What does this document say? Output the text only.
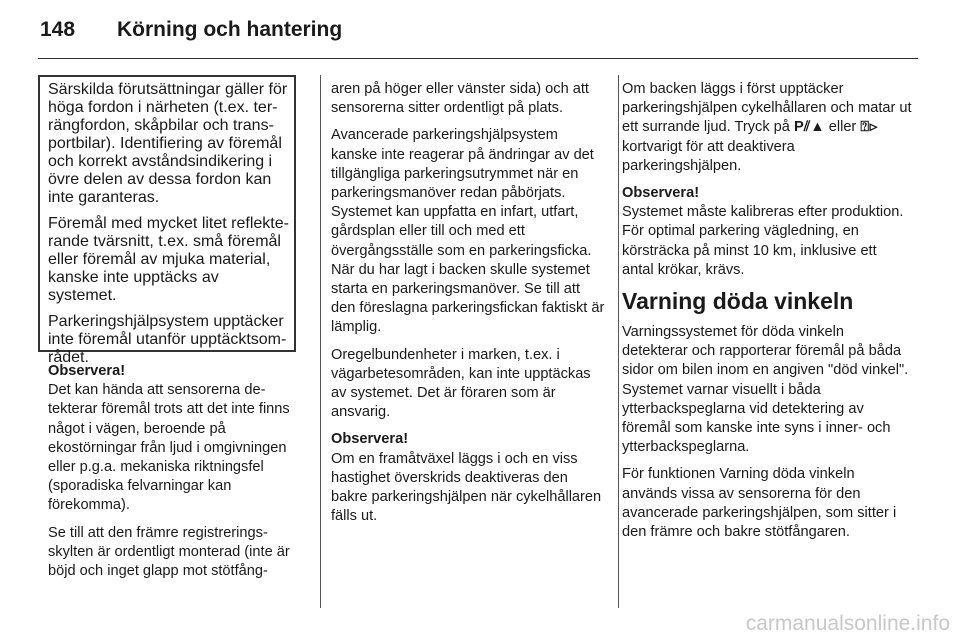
148 Körning och hantering

Särskilda förutsättningar gäller för höga fordon i närheten (t.ex. terrängfordon, skåpbilar och transportbilar). Identifiering av föremål och korrekt avståndsindikering i övre delen av dessa fordon kan inte garanteras.

Föremål med mycket litet reflekterande tvärsnitt, t.ex. små föremål eller föremål av mjuka material, kanske inte upptäcks av systemet.

Parkeringshjälpsystem upptäcker inte föremål utanför upptäcktsområdet.

Observera!

Det kan hända att sensorerna detekterar föremål trots att det inte finns något i vägen, beroende på ekostörningar från ljud i omgivningen eller p.g.a. mekaniska riktningsfel (sporadiska felvarningar kan förekomma).

Se till att den främre registreringsskylten är ordentligt monterad (inte är böjd och inget glapp mot stötfång-

aren på höger eller vänster sida) och att sensorerna sitter ordentligt på plats.

Avancerade parkeringshjälpsystem kanske inte reagerar på ändringar av det tillgängliga parkeringsutrymmet när en parkeringsmanöver redan påbörjats. Systemet kan uppfatta en infart, utfart, gårdsplan eller till och med ett övergångsställe som en parkeringsficka. När du har lagt i backen skulle systemet starta en parkeringsmanöver. Se till att den föreslagna parkeringsfickan faktiskt är lämplig.

Oregelbundenheter i marken, t.ex. i vägarbetesområden, kan inte upptäckas av systemet. Det är föraren som är ansvarig.

Observera!

Om en framåtväxel läggs i och en viss hastighet överskrids deaktiveras den bakre parkeringshjälpen när cykelhållaren fälls ut.

Om backen läggs i först upptäcker parkeringshjälpen cykelhållaren och matar ut ett surrande ljud. Tryck på P⫽▲ eller ⍰⊳ kortvarigt för att deaktivera parkeringshjälpen.

Observera!

Systemet måste kalibreras efter produktion. För optimal parkering vägledning, en körsträcka på minst 10 km, inklusive ett antal krökar, krävs.

Varning döda vinkeln

Varningssystemet för döda vinkeln detekterar och rapporterar föremål på båda sidor om bilen inom en angiven "död vinkel". Systemet varnar visuellt i båda ytterbackspeglarna vid detektering av föremål som kanske inte syns i inner- och ytterbackspeglarna.

För funktionen Varning döda vinkeln används vissa av sensorerna för den avancerade parkeringshjälpen, som sitter i den främre och bakre stötfångaren.

carmanualsonline.info
